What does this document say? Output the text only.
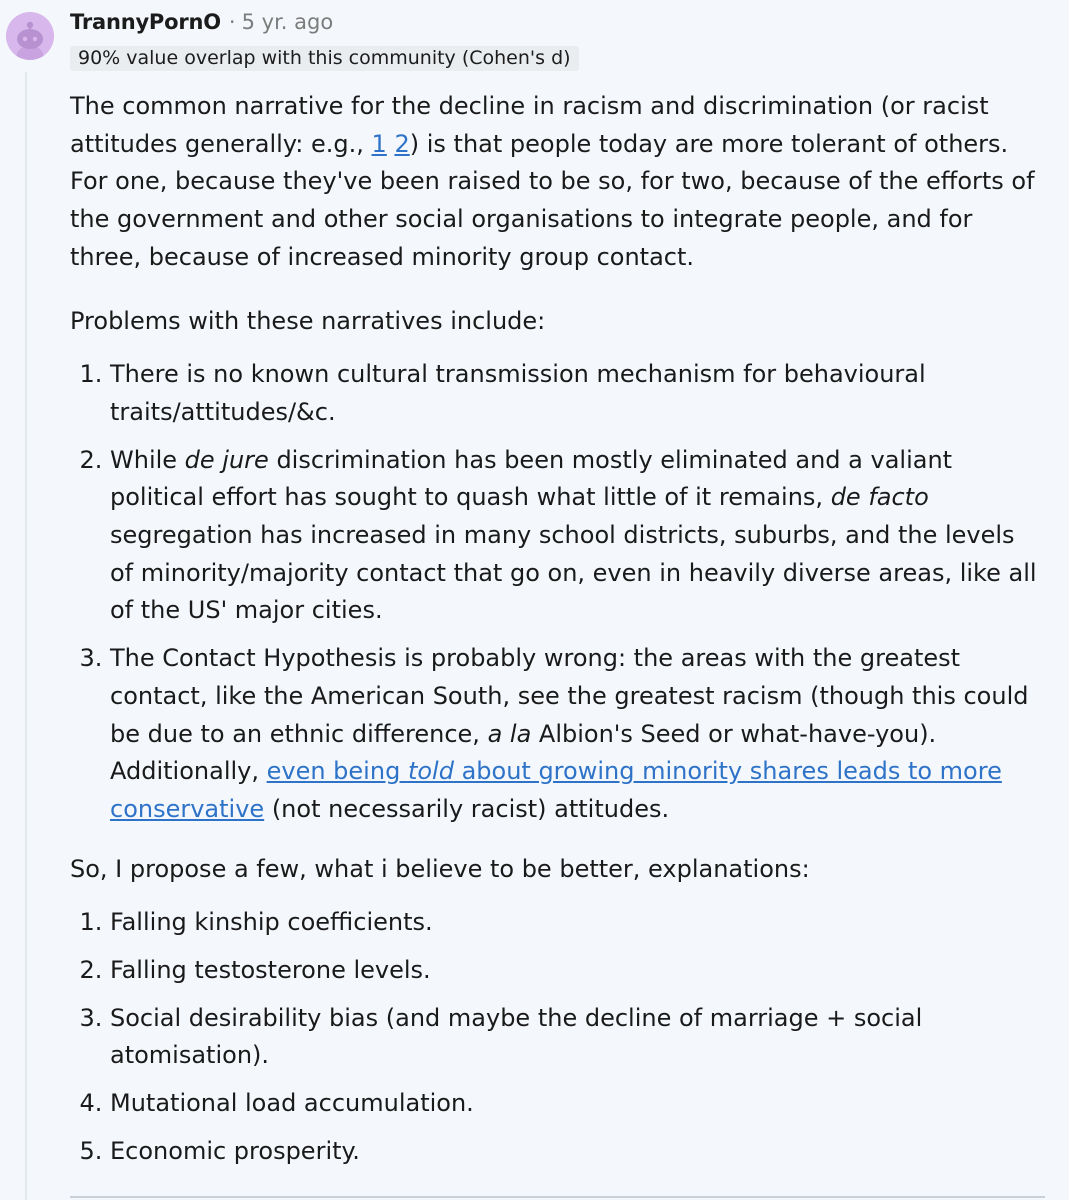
TrannyPornO · 5 yr. ago
90% value overlap with this community (Cohen's d)

The common narrative for the decline in racism and discrimination (or racist attitudes generally: e.g., 1 2) is that people today are more tolerant of others. For one, because they've been raised to be so, for two, because of the efforts of the government and other social organisations to integrate people, and for three, because of increased minority group contact.

Problems with these narratives include:

1. There is no known cultural transmission mechanism for behavioural traits/attitudes/&c.
2. While de jure discrimination has been mostly eliminated and a valiant political effort has sought to quash what little of it remains, de facto segregation has increased in many school districts, suburbs, and the levels of minority/majority contact that go on, even in heavily diverse areas, like all of the US' major cities.
3. The Contact Hypothesis is probably wrong: the areas with the greatest contact, like the American South, see the greatest racism (though this could be due to an ethnic difference, a la Albion's Seed or what-have-you). Additionally, even being told about growing minority shares leads to more conservative (not necessarily racist) attitudes.

So, I propose a few, what i believe to be better, explanations:

1. Falling kinship coefficients.
2. Falling testosterone levels.
3. Social desirability bias (and maybe the decline of marriage + social atomisation).
4. Mutational load accumulation.
5. Economic prosperity.
